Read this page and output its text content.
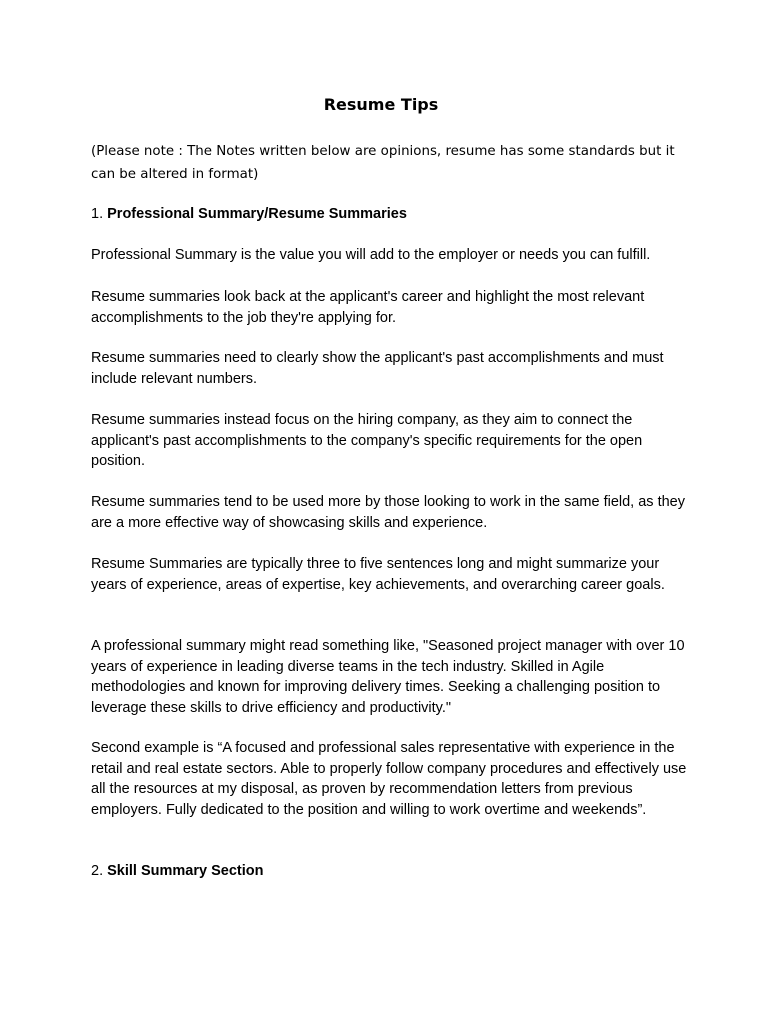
Resume Tips

(Please note : The Notes written below are opinions, resume has some standards but it can be altered in format)

1. Professional Summary/Resume Summaries

Professional Summary is the value you will add to the employer or needs you can fulfill.

Resume summaries look back at the applicant's career and highlight the most relevant accomplishments to the job they're applying for.

Resume summaries need to clearly show the applicant's past accomplishments and must include relevant numbers.

Resume summaries instead focus on the hiring company, as they aim to connect the applicant's past accomplishments to the company's specific requirements for the open position.

Resume summaries tend to be used more by those looking to work in the same field, as they are a more effective way of showcasing skills and experience.

Resume Summaries are typically three to five sentences long and might summarize your years of experience, areas of expertise, key achievements, and overarching career goals.

A professional summary might read something like, "Seasoned project manager with over 10 years of experience in leading diverse teams in the tech industry. Skilled in Agile methodologies and known for improving delivery times. Seeking a challenging position to leverage these skills to drive efficiency and productivity."

Second example is “A focused and professional sales representative with experience in the retail and real estate sectors. Able to properly follow company procedures and effectively use all the resources at my disposal, as proven by recommendation letters from previous employers. Fully dedicated to the position and willing to work overtime and weekends”.

2. Skill Summary Section
